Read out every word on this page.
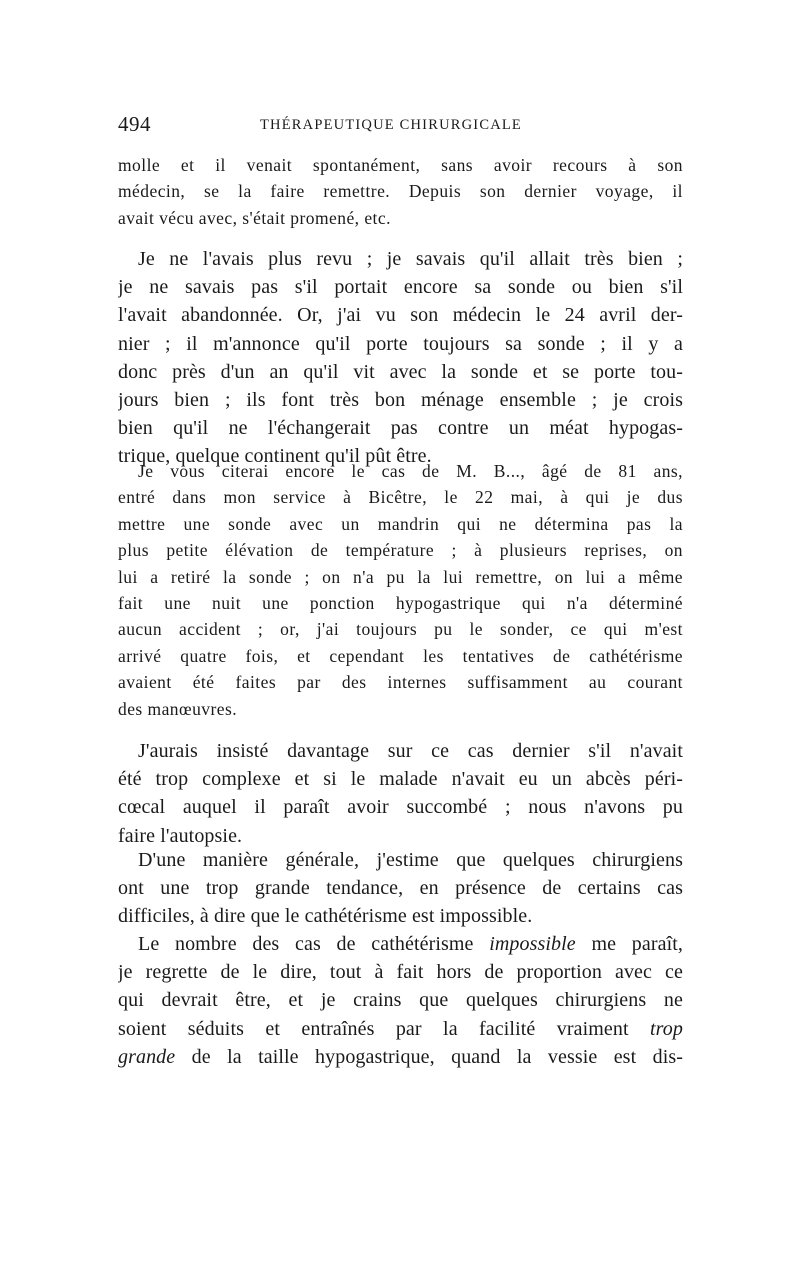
494	THÉRAPEUTIQUE CHIRURGICALE
molle et il venait spontanément, sans avoir recours à son
médecin, se la faire remettre. Depuis son dernier voyage, il
avait vécu avec, s'était promené, etc.
Je ne l'avais plus revu ; je savais qu'il allait très bien ;
je ne savais pas s'il portait encore sa sonde ou bien s'il
l'avait abandonnée. Or, j'ai vu son médecin le 24 avril der-
nier ; il m'annonce qu'il porte toujours sa sonde ; il y a
donc près d'un an qu'il vit avec la sonde et se porte tou-
jours bien ; ils font très bon ménage ensemble ; je crois
bien qu'il ne l'échangerait pas contre un méat hypogas-
trique, quelque continent qu'il pût être.
Je vous citerai encore le cas de M. B..., âgé de 81 ans,
entré dans mon service à Bicêtre, le 22 mai, à qui je dus
mettre une sonde avec un mandrin qui ne détermina pas la
plus petite élévation de température ; à plusieurs reprises, on
lui a retiré la sonde ; on n'a pu la lui remettre, on lui a même
fait une nuit une ponction hypogastrique qui n'a déterminé
aucun accident ; or, j'ai toujours pu le sonder, ce qui m'est
arrivé quatre fois, et cependant les tentatives de cathétérisme
avaient été faites par des internes suffisamment au courant
des manœuvres.
J'aurais insisté davantage sur ce cas dernier s'il n'avait
été trop complexe et si le malade n'avait eu un abcès péri-
cœcal auquel il paraît avoir succombé ; nous n'avons pu
faire l'autopsie.
D'une manière générale, j'estime que quelques chirurgiens
ont une trop grande tendance, en présence de certains cas
difficiles, à dire que le cathétérisme est impossible.
Le nombre des cas de cathétérisme impossible me paraît,
je regrette de le dire, tout à fait hors de proportion avec ce
qui devrait être, et je crains que quelques chirurgiens ne
soient séduits et entraînés par la facilité vraiment trop
grande de la taille hypogastrique, quand la vessie est dis-
